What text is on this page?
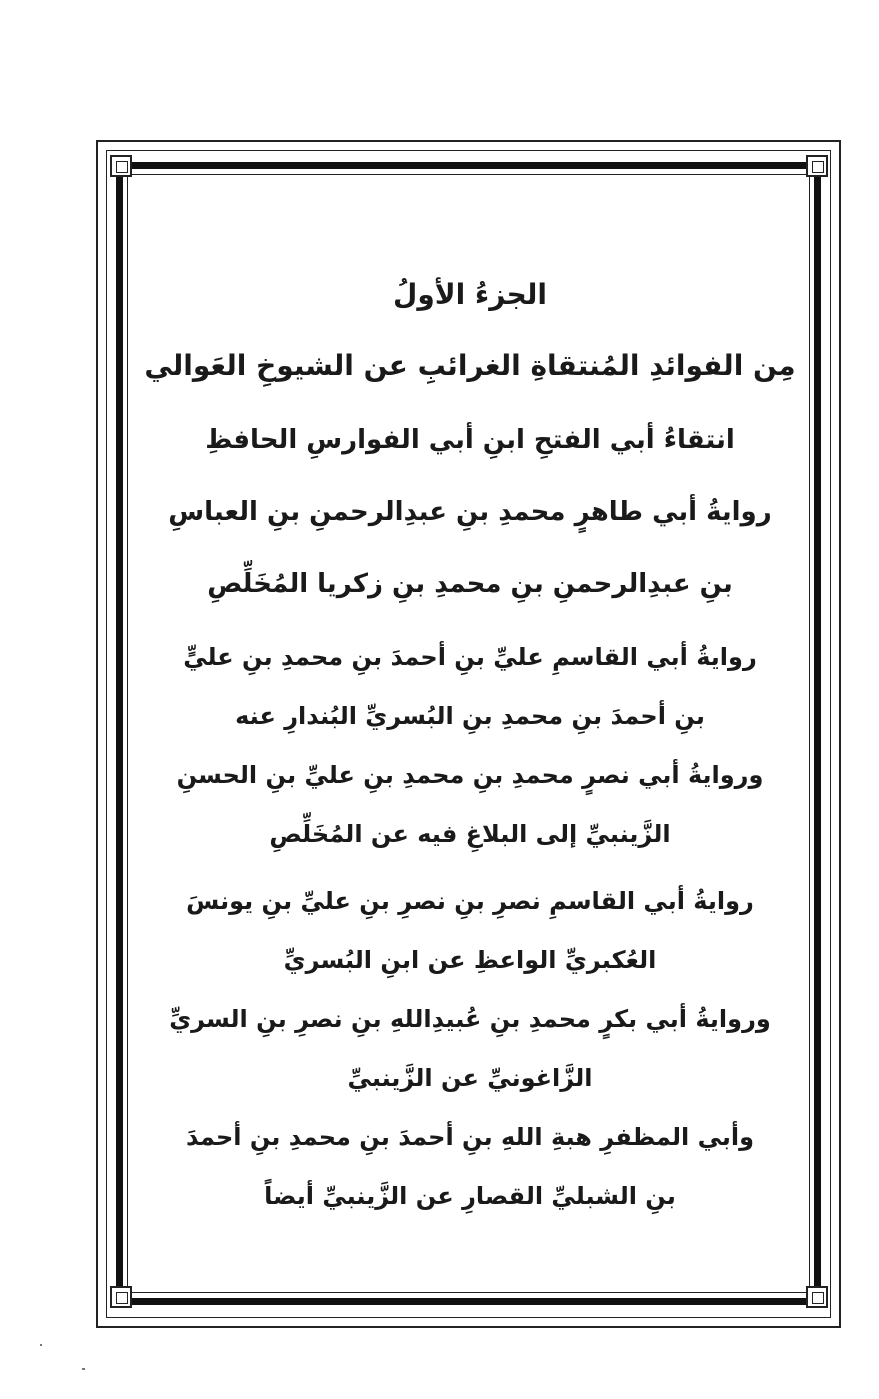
الجزءُ الأولُ
مِن الفوائدِ المُنتقاةِ الغرائبِ عن الشيوخِ العَوالي
انتقاءُ أبي الفتحِ ابنِ أبي الفوارسِ الحافظِ
روايةُ أبي طاهرٍ محمدِ بنِ عبدِالرحمنِ بنِ العباسِ
بنِ عبدِالرحمنِ بنِ محمدِ بنِ زكريا المُخَلِّصِ
روايةُ أبي القاسمِ عليِّ بنِ أحمدَ بنِ محمدِ بنِ عليٍّ
بنِ أحمدَ بنِ محمدِ بنِ البُسريِّ البُندارِ عنه
وروايةُ أبي نصرٍ محمدِ بنِ محمدِ بنِ عليِّ بنِ الحسنِ
الزَّينبيِّ إلى البلاغِ فيه عن المُخَلِّصِ
روايةُ أبي القاسمِ نصرِ بنِ نصرِ بنِ عليِّ بنِ يونسَ
العُكبريِّ الواعظِ عن ابنِ البُسريِّ
وروايةُ أبي بكرٍ محمدِ بنِ عُبيدِاللهِ بنِ نصرِ بنِ السريِّ
الزَّاغونيِّ عن الزَّينبيِّ
وأبي المظفرِ هبةِ اللهِ بنِ أحمدَ بنِ محمدِ بنِ أحمدَ
بنِ الشبليِّ القصارِ عن الزَّينبيِّ أيضاً
